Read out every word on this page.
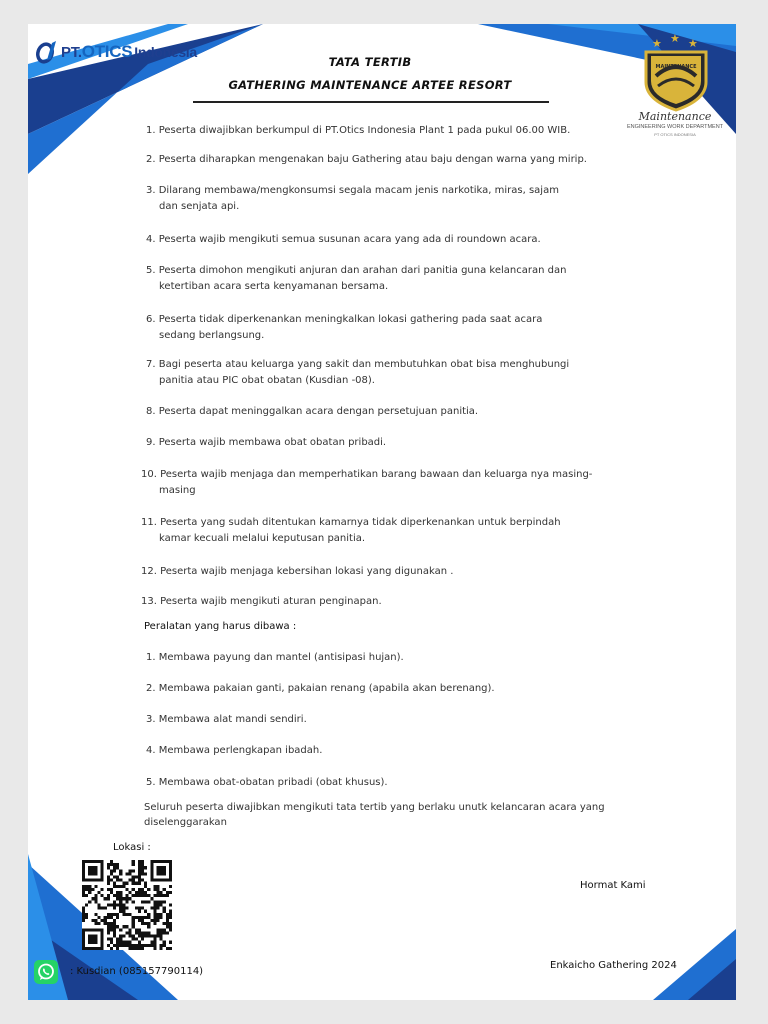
PT. OTICS Indonesia
TATA TERTIB
GATHERING MAINTENANCE ARTEE RESORT
★ ★ ★
MAINTENANCE
Maintenance
ENGINEERING WORK DEPARTMENT
PT OTICS INDONESIA
1. Peserta diwajibkan berkumpul di PT.Otics Indonesia Plant 1 pada pukul 06.00 WIB.
2. Peserta diharapkan mengenakan baju Gathering atau baju dengan warna yang mirip.
3. Dilarang membawa/mengkonsumsi segala macam jenis narkotika, miras, sajam
dan senjata api.
4. Peserta wajib mengikuti semua susunan acara yang ada di roundown acara.
5. Peserta dimohon mengikuti anjuran dan arahan dari panitia guna kelancaran dan
ketertiban acara serta kenyamanan bersama.
6. Peserta tidak diperkenankan meningkalkan lokasi gathering pada saat acara
sedang berlangsung.
7. Bagi peserta atau keluarga yang sakit dan membutuhkan obat bisa menghubungi
panitia atau PIC obat obatan (Kusdian -08).
8. Peserta dapat meninggalkan acara dengan persetujuan panitia.
9. Peserta wajib membawa obat obatan pribadi.
10. Peserta wajib menjaga dan memperhatikan barang bawaan dan keluarga nya masing-
masing
11. Peserta yang sudah ditentukan kamarnya tidak diperkenankan untuk berpindah
kamar kecuali melalui keputusan panitia.
12. Peserta wajib menjaga kebersihan lokasi yang digunakan .
13. Peserta wajib mengikuti aturan penginapan.
1. Membawa payung dan mantel (antisipasi hujan).
2. Membawa pakaian ganti, pakaian renang (apabila akan berenang).
3. Membawa alat mandi sendiri.
4. Membawa perlengkapan ibadah.
5. Membawa obat-obatan pribadi (obat khusus).
Seluruh peserta diwajibkan mengikuti tata tertib yang berlaku unutk kelancaran acara yang
diselenggarakan
Peralatan yang harus dibawa :
Lokasi :
Hormat Kami
Enkaicho Gathering 2024
: Kusdian (085157790114)
